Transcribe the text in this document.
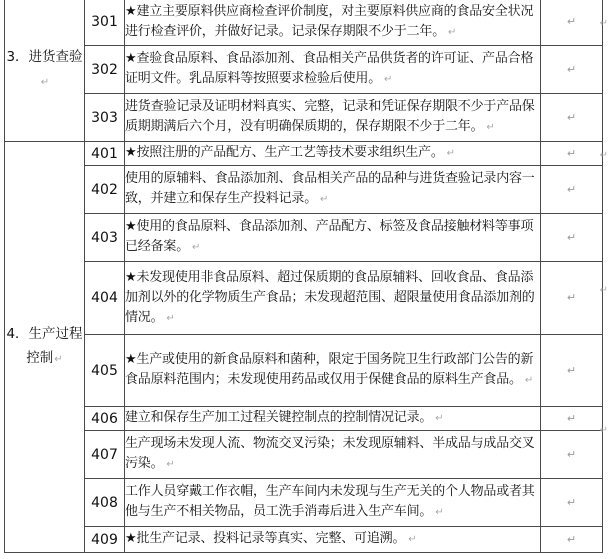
3．进货查验↵	301	★建立主要原料供应商检查评价制度，对主要原料供应商的食品安全状况进行检查评价，并做好记录。记录保存期限不少于二年。 ↵	↵
	302	★查验食品原料、食品添加剂、食品相关产品供货者的许可证、产品合格证明文件。乳品原料等按照要求检验后使用。 ↵	↵
	303	进货查验记录及证明材料真实、完整，记录和凭证保存期限不少于产品保质期期满后六个月，没有明确保质期的，保存期限不少于二年。 ↵	↵
4．生产过程控制↵	401	★按照注册的产品配方、生产工艺等技术要求组织生产。 ↵	↵
	402	使用的原辅料、食品添加剂、食品相关产品的品种与进货查验记录内容一致，并建立和保存生产投料记录。 ↵	↵
	403	★使用的食品原料、食品添加剂、产品配方、标签及食品接触材料等事项已经备案。 ↵	↵
	404	★未发现使用非食品原料、超过保质期的食品原辅料、回收食品、食品添加剂以外的化学物质生产食品；未发现超范围、超限量使用食品添加剂的情况。 ↵	↵
	405	★生产或使用的新食品原料和菌种，限定于国务院卫生行政部门公告的新食品原料范围内；未发现使用药品或仅用于保健食品的原料生产食品。 ↵	↵
	406	建立和保存生产加工过程关键控制点的控制情况记录。 ↵	↵
	407	生产现场未发现人流、物流交叉污染；未发现原辅料、半成品与成品交叉污染。 ↵	↵
	408	工作人员穿戴工作衣帽，生产车间内未发现与生产无关的个人物品或者其他与生产不相关物品，员工洗手消毒后进入生产车间。 ↵	↵
	409	★批生产记录、投料记录等真实、完整、可追溯。 ↵	↵
↵
↵
↵
↵
